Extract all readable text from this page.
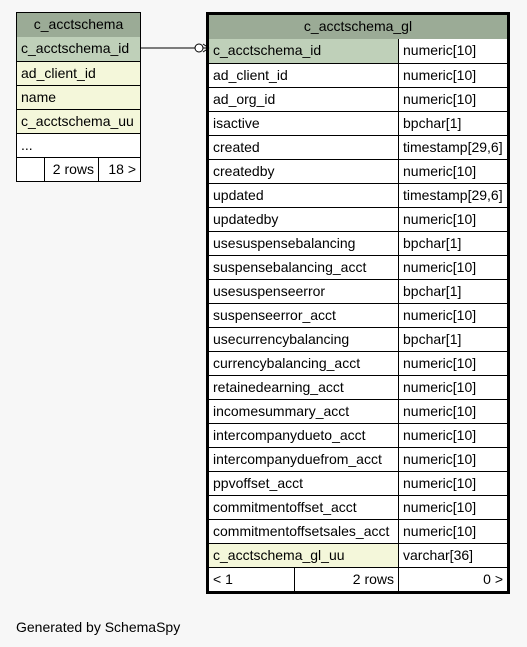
c_acctschema
c_acctschema_id
ad_client_id
name
c_acctschema_uu
...
2 rows	18 >
c_acctschema_gl
c_acctschema_id	numeric[10]
ad_client_id	numeric[10]
ad_org_id	numeric[10]
isactive	bpchar[1]
created	timestamp[29,6]
createdby	numeric[10]
updated	timestamp[29,6]
updatedby	numeric[10]
usesuspensebalancing	bpchar[1]
suspensebalancing_acct	numeric[10]
usesuspenseerror	bpchar[1]
suspenseerror_acct	numeric[10]
usecurrencybalancing	bpchar[1]
currencybalancing_acct	numeric[10]
retainedearning_acct	numeric[10]
incomesummary_acct	numeric[10]
intercompanydueto_acct	numeric[10]
intercompanyduefrom_acct	numeric[10]
ppvoffset_acct	numeric[10]
commitmentoffset_acct	numeric[10]
commitmentoffsetsales_acct numeric[10]
c_acctschema_gl_uu	varchar[36]
< 1	2 rows	0 >
Generated by SchemaSpy
